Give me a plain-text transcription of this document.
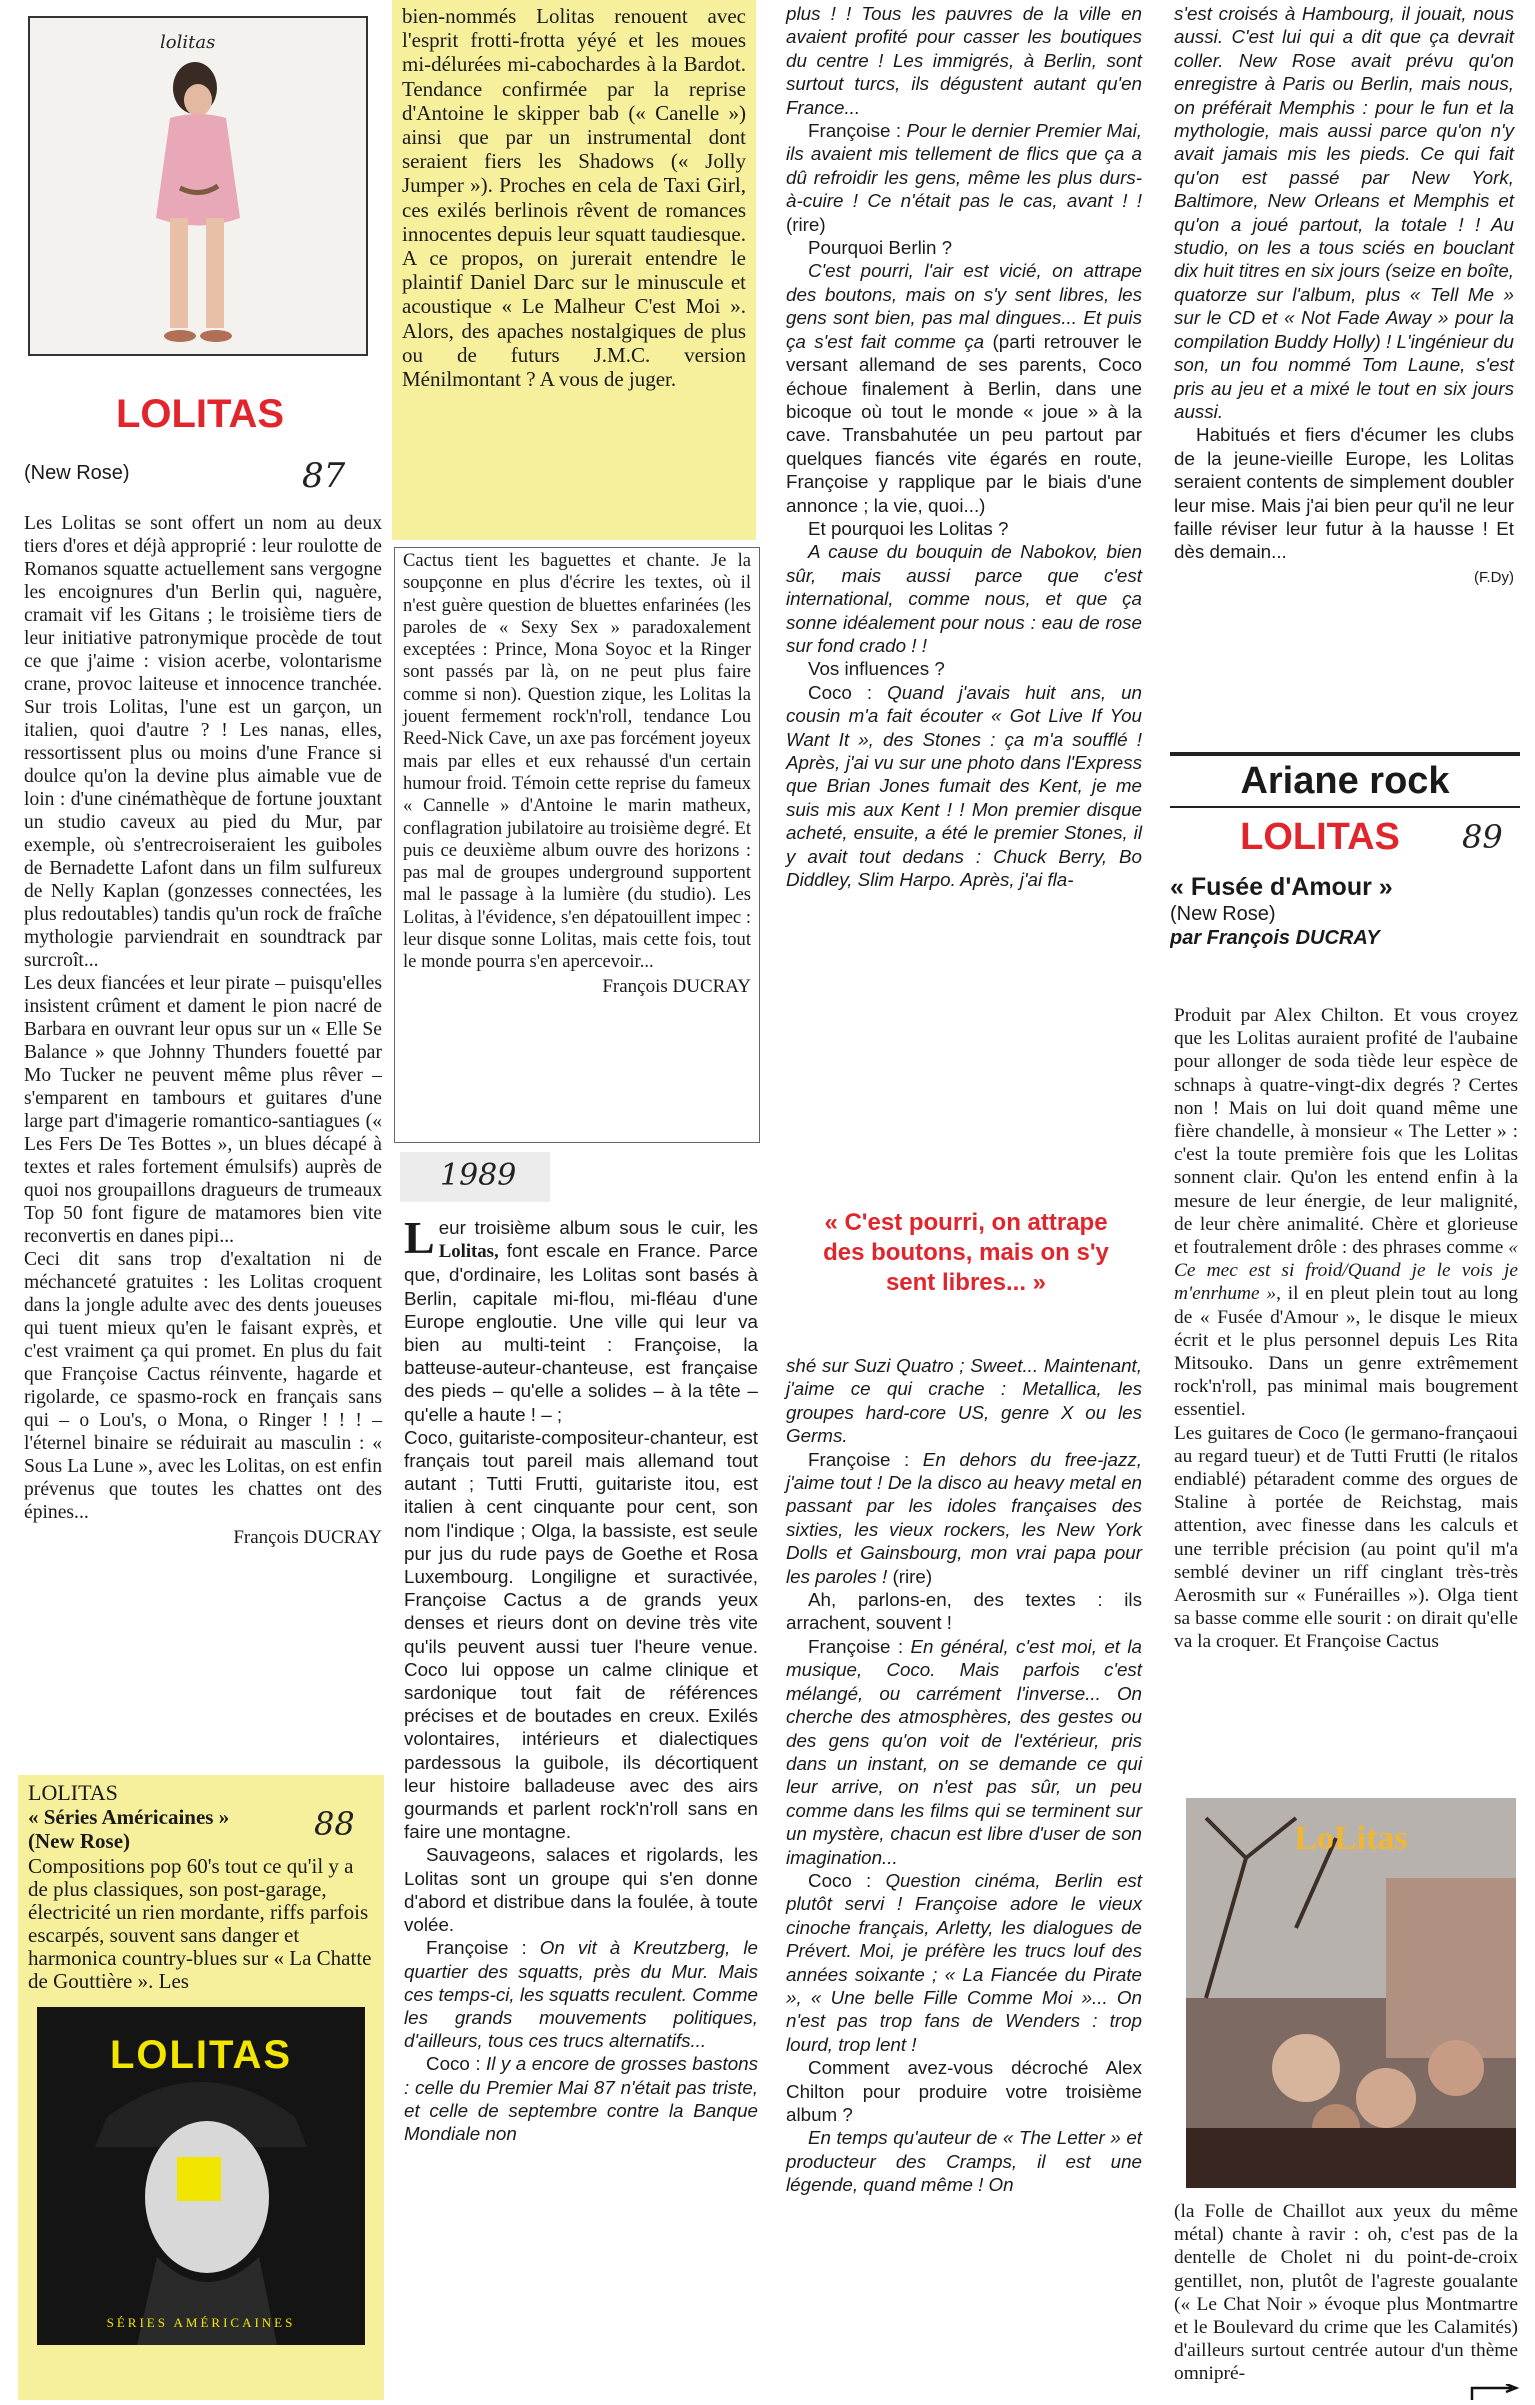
lolitas
LOLITAS
(New Rose)	87

Les Lolitas se sont offert un nom au deux tiers d'ores et déjà approprié : leur roulotte de Romanos squatte actuellement sans vergogne les encoignures d'un Berlin qui, naguère, cramait vif les Gitans ; le troisième tiers de leur initiative patronymique procède de tout ce que j'aime : vision acerbe, volontarisme crane, provoc laiteuse et innocence tranchée. Sur trois Lolitas, l'une est un garçon, un italien, quoi d'autre ? ! Les nanas, elles, ressortissent plus ou moins d'une France si doulce qu'on la devine plus aimable vue de loin : d'une cinémathèque de fortune jouxtant un studio caveux au pied du Mur, par exemple, où s'entrecroiseraient les guiboles de Bernadette Lafont dans un film sulfureux de Nelly Kaplan (gonzesses connectées, les plus redoutables) tandis qu'un rock de fraîche mythologie parviendrait en soundtrack par surcroît...

Les deux fiancées et leur pirate – puisqu'elles insistent crûment et dament le pion nacré de Barbara en ouvrant leur opus sur un « Elle Se Balance » que Johnny Thunders fouetté par Mo Tucker ne peuvent même plus rêver – s'emparent en tambours et guitares d'une large part d'imagerie romantico-santiagues (« Les Fers De Tes Bottes », un blues décapé à textes et rales fortement émulsifs) auprès de quoi nos groupaillons dragueurs de trumeaux Top 50 font figure de matamores bien vite reconvertis en danes pipi...

Ceci dit sans trop d'exaltation ni de méchanceté gratuites : les Lolitas croquent dans la jongle adulte avec des dents joueuses qui tuent mieux qu'en le faisant exprès, et c'est vraiment ça qui promet. En plus du fait que Françoise Cactus réinvente, hagarde et rigolarde, ce spasmo-rock en français sans qui – o Lou's, o Mona, o Ringer ! ! ! – l'éternel binaire se réduirait au masculin : « Sous La Lune », avec les Lolitas, on est enfin prévenus que toutes les chattes ont des épines...

François DUCRAY
LOLITAS
« Séries Américaines »
(New Rose)	88
Compositions pop 60's tout ce qu'il y a de plus classiques, son post-garage, électricité un rien mordante, riffs parfois escarpés, souvent sans danger et harmonica country-blues sur « La Chatte de Gouttière ». Les
LOLITAS
SÉRIES AMÉRICAINES

bien-nommés Lolitas renouent avec l'esprit frotti-frotta yéyé et les moues mi-délurées mi-cabochardes à la Bardot. Tendance confirmée par la reprise d'Antoine le skipper bab (« Canelle ») ainsi que par un instrumental dont seraient fiers les Shadows (« Jolly Jumper »). Proches en cela de Taxi Girl, ces exilés berlinois rêvent de romances innocentes depuis leur squatt taudiesque. A ce propos, on jurerait entendre le plaintif Daniel Darc sur le minuscule et acoustique « Le Malheur C'est Moi ». Alors, des apaches nostalgiques de plus ou de futurs J.M.C. version Ménilmontant ? A vous de juger.

Cactus tient les baguettes et chante. Je la soupçonne en plus d'écrire les textes, où il n'est guère question de bluettes enfarinées (les paroles de « Sexy Sex » paradoxalement exceptées : Prince, Mona Soyoc et la Ringer sont passés par là, on ne peut plus faire comme si non). Question zique, les Lolitas la jouent fermement rock'n'roll, tendance Lou Reed-Nick Cave, un axe pas forcément joyeux mais par elles et eux rehaussé d'un certain humour froid. Témoin cette reprise du fameux « Cannelle » d'Antoine le marin matheux, conflagration jubilatoire au troisième degré. Et puis ce deuxième album ouvre des horizons : pas mal de groupes underground supportent mal le passage à la lumière (du studio). Les Lolitas, à l'évidence, s'en dépatouillent impec : leur disque sonne Lolitas, mais cette fois, tout le monde pourra s'en apercevoir...

François DUCRAY
1989

L eur troisième album sous le cuir, les Lolitas, font escale en France. Parce que, d'ordinaire, les Lolitas sont basés à Berlin, capitale mi-flou, mi-fléau d'une Europe engloutie. Une ville qui leur va bien au multi-teint : Françoise, la batteuse-auteur-chanteuse, est française des pieds – qu'elle a solides – à la tête – qu'elle a haute ! – ;

Coco, guitariste-compositeur-chanteur, est français tout pareil mais allemand tout autant ; Tutti Frutti, guitariste itou, est italien à cent cinquante pour cent, son nom l'indique ; Olga, la bassiste, est seule pur jus du rude pays de Goethe et Rosa Luxembourg. Longiligne et suractivée, Françoise Cactus a de grands yeux denses et rieurs dont on devine très vite qu'ils peuvent aussi tuer l'heure venue. Coco lui oppose un calme clinique et sardonique tout fait de références précises et de boutades en creux. Exilés volontaires, intérieurs et dialectiques pardessous la guibole, ils décortiquent leur histoire balladeuse avec des airs gourmands et parlent rock'n'roll sans en faire une montagne.

Sauvageons, salaces et rigolards, les Lolitas sont un groupe qui s'en donne d'abord et distribue dans la foulée, à toute volée.

Françoise : On vit à Kreutzberg, le quartier des squatts, près du Mur. Mais ces temps-ci, les squatts reculent. Comme les grands mouvements politiques, d'ailleurs, tous ces trucs alternatifs...

Coco : Il y a encore de grosses bastons : celle du Premier Mai 87 n'était pas triste, et celle de septembre contre la Banque Mondiale non

plus ! ! Tous les pauvres de la ville en avaient profité pour casser les boutiques du centre ! Les immigrés, à Berlin, sont surtout turcs, ils dégustent autant qu'en France...

Françoise : Pour le dernier Premier Mai, ils avaient mis tellement de flics que ça a dû refroidir les gens, même les plus durs-à-cuire ! Ce n'était pas le cas, avant ! ! (rire)

Pourquoi Berlin ?

C'est pourri, l'air est vicié, on attrape des boutons, mais on s'y sent libres, les gens sont bien, pas mal dingues... Et puis ça s'est fait comme ça (parti retrouver le versant allemand de ses parents, Coco échoue finalement à Berlin, dans une bicoque où tout le monde « joue » à la cave. Transbahutée un peu partout par quelques fiancés vite égarés en route, Françoise y rapplique par le biais d'une annonce ; la vie, quoi...)

Et pourquoi les Lolitas ?

A cause du bouquin de Nabokov, bien sûr, mais aussi parce que c'est international, comme nous, et que ça sonne idéalement pour nous : eau de rose sur fond crado ! !

Vos influences ?

Coco : Quand j'avais huit ans, un cousin m'a fait écouter « Got Live If You Want It », des Stones : ça m'a soufflé ! Après, j'ai vu sur une photo dans l'Express que Brian Jones fumait des Kent, je me suis mis aux Kent ! ! Mon premier disque acheté, ensuite, a été le premier Stones, il y avait tout dedans : Chuck Berry, Bo Diddley, Slim Harpo. Après, j'ai fla-

« C'est pourri, on attrape des boutons, mais on s'y sent libres... »

shé sur Suzi Quatro ; Sweet... Maintenant, j'aime ce qui crache : Metallica, les groupes hard-core US, genre X ou les Germs.

Françoise : En dehors du free-jazz, j'aime tout ! De la disco au heavy metal en passant par les idoles françaises des sixties, les vieux rockers, les New York Dolls et Gainsbourg, mon vrai papa pour les paroles ! (rire)

Ah, parlons-en, des textes : ils arrachent, souvent !

Françoise : En général, c'est moi, et la musique, Coco. Mais parfois c'est mélangé, ou carrément l'inverse... On cherche des atmosphères, des gestes ou des gens qu'on voit de l'extérieur, pris dans un instant, on se demande ce qui leur arrive, on n'est pas sûr, un peu comme dans les films qui se terminent sur un mystère, chacun est libre d'user de son imagination...

Coco : Question cinéma, Berlin est plutôt servi ! Françoise adore le vieux cinoche français, Arletty, les dialogues de Prévert. Moi, je préfère les trucs louf des années soixante ; « La Fiancée du Pirate », « Une belle Fille Comme Moi »... On n'est pas trop fans de Wenders : trop lourd, trop lent !

Comment avez-vous décroché Alex Chilton pour produire votre troisième album ?

En temps qu'auteur de « The Letter » et producteur des Cramps, il est une légende, quand même ! On

s'est croisés à Hambourg, il jouait, nous aussi. C'est lui qui a dit que ça devrait coller. New Rose avait prévu qu'on enregistre à Paris ou Berlin, mais nous, on préférait Memphis : pour le fun et la mythologie, mais aussi parce qu'on n'y avait jamais mis les pieds. Ce qui fait qu'on est passé par New York, Baltimore, New Orleans et Memphis et qu'on a joué partout, la totale ! ! Au studio, on les a tous sciés en bouclant dix huit titres en six jours (seize en boîte, quatorze sur l'album, plus « Tell Me » sur le CD et « Not Fade Away » pour la compilation Buddy Holly) ! L'ingénieur du son, un fou nommé Tom Laune, s'est pris au jeu et a mixé le tout en six jours aussi.

Habitués et fiers d'écumer les clubs de la jeune-vieille Europe, les Lolitas seraient contents de simplement doubler leur mise. Mais j'ai bien peur qu'il ne leur faille réviser leur futur à la hausse ! Et dès demain...

(F.Dy)
Ariane rock
LOLITAS	89
« Fusée d'Amour »
(New Rose)
par François DUCRAY

Produit par Alex Chilton. Et vous croyez que les Lolitas auraient profité de l'aubaine pour allonger de soda tiède leur espèce de schnaps à quatre-vingt-dix degrés ? Certes non ! Mais on lui doit quand même une fière chandelle, à monsieur « The Letter » : c'est la toute première fois que les Lolitas sonnent clair. Qu'on les entend enfin à la mesure de leur énergie, de leur malignité, de leur chère animalité. Chère et glorieuse et foutralement drôle : des phrases comme « Ce mec est si froid/Quand je le vois je m'enrhume », il en pleut plein tout au long de « Fusée d'Amour », le disque le mieux écrit et le plus personnel depuis Les Rita Mitsouko. Dans un genre extrêmement rock'n'roll, pas minimal mais bougrement essentiel.

Les guitares de Coco (le germano-françaoui au regard tueur) et de Tutti Frutti (le ritalos endiablé) pétaradent comme des orgues de Staline à portée de Reichstag, mais attention, avec finesse dans les calculs et une terrible précision (au point qu'il m'a semblé deviner un riff cinglant très-très Aerosmith sur « Funérailles »). Olga tient sa basse comme elle sourit : on dirait qu'elle va la croquer. Et Françoise Cactus

LoLitas

(la Folle de Chaillot aux yeux du même métal) chante à ravir : oh, c'est pas de la dentelle de Cholet ni du point-de-croix gentillet, non, plutôt de l'agreste goualante (« Le Chat Noir » évoque plus Montmartre et le Boulevard du crime que les Calamités) d'ailleurs surtout centrée autour d'un thème omnipré-
